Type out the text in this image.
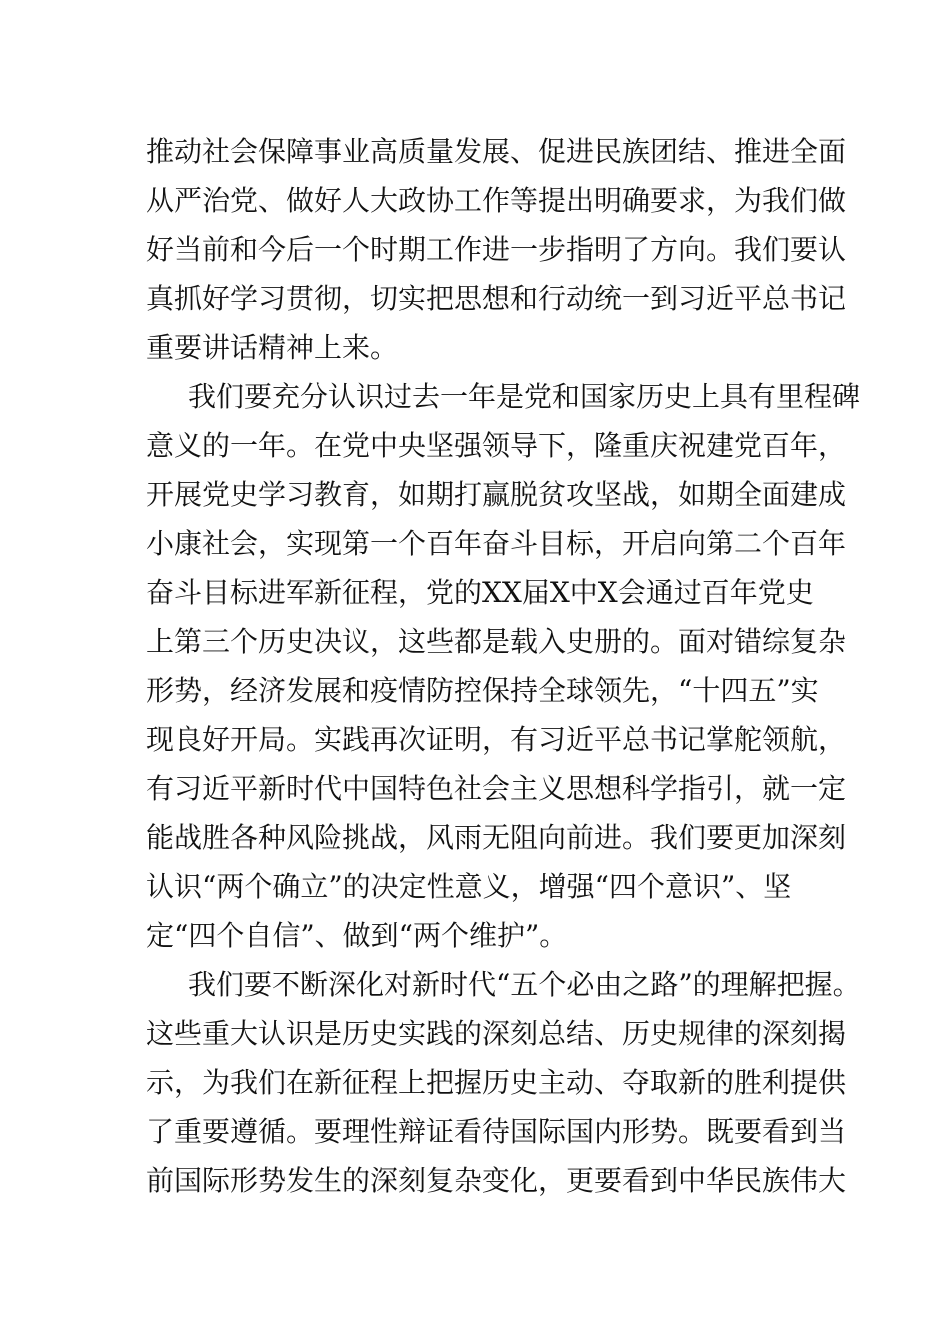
推动社会保障事业高质量发展、促进民族团结、推进全面

从严治党、做好人大政协工作等提出明确要求，为我们做

好当前和今后一个时期工作进一步指明了方向。我们要认

真抓好学习贯彻，切实把思想和行动统一到习近平总书记

重要讲话精神上来。

我们要充分认识过去一年是党和国家历史上具有里程碑

意义的一年。在党中央坚强领导下，隆重庆祝建党百年，

开展党史学习教育，如期打赢脱贫攻坚战，如期全面建成

小康社会，实现第一个百年奋斗目标，开启向第二个百年

奋斗目标进军新征程，党的XX届X中X会通过百年党史

上第三个历史决议，这些都是载入史册的。面对错综复杂

形势，经济发展和疫情防控保持全球领先，“十四五”实

现良好开局。实践再次证明，有习近平总书记掌舵领航，

有习近平新时代中国特色社会主义思想科学指引，就一定

能战胜各种风险挑战，风雨无阻向前进。我们要更加深刻

认识“两个确立”的决定性意义，增强“四个意识”、坚

定“四个自信”、做到“两个维护”。

我们要不断深化对新时代“五个必由之路”的理解把握。

这些重大认识是历史实践的深刻总结、历史规律的深刻揭

示，为我们在新征程上把握历史主动、夺取新的胜利提供

了重要遵循。要理性辩证看待国际国内形势。既要看到当

前国际形势发生的深刻复杂变化，更要看到中华民族伟大
